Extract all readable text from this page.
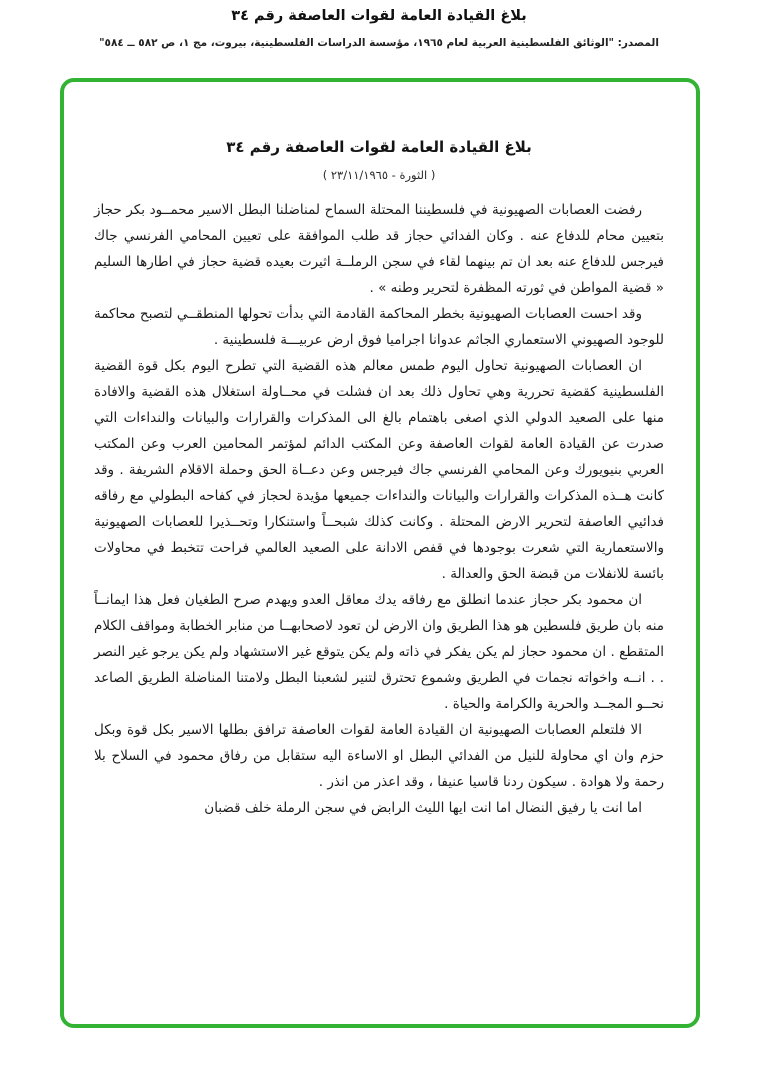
بلاغ القيادة العامة لقوات العاصفة رقم ٣٤
المصدر: "الوثائق الفلسطينية العربية لعام ١٩٦٥، مؤسسة الدراسات الفلسطينية، بيروت، مج ١، ص ٥٨٢ ــ ٥٨٤"
بلاغ القيادة العامة لقوات العاصفة رقم ٣٤
( الثورة - ٢٣/١١/١٩٦٥ )

رفضت العصابات الصهيونية في فلسطيننا المحتلة السماح لمناضلنا البطل الاسير محمــود بكر حجاز بتعيين محام للدفاع عنه . وكان الفدائي حجاز قد طلب الموافقة على تعيين المحامي الفرنسي جاك فيرجس للدفاع عنه بعد ان تم بينهما لقاء في سجن الرملــة اثيرت بعيده قضية حجاز في اطارها السليم « قضية المواطن في ثورته المظفرة لتحرير وطنه » .

وقد احست العصابات الصهيونية بخطر المحاكمة القادمة التي بدأت تحولها المنطقــي لتصبح محاكمة للوجود الصهيوني الاستعماري الجاثم عدوانا اجراميا فوق ارض عربيـــة فلسطينية .

ان العصابات الصهيونية تحاول اليوم طمس معالم هذه القضية التي تطرح اليوم بكل قوة القضية الفلسطينية كقضية تحررية وهي تحاول ذلك بعد ان فشلت في محــاولة استغلال هذه القضية والافادة منها على الصعيد الدولي الذي اصغى باهتمام بالغ الى المذكرات والقرارات والبيانات والنداءات التي صدرت عن القيادة العامة لقوات العاصفة وعن المكتب الدائم لمؤتمر المحامين العرب وعن المكتب العربي بنيويورك وعن المحامي الفرنسي جاك فيرجس وعن دعــاة الحق وحملة الاقلام الشريفة . وقد كانت هــذه المذكرات والقرارات والبيانات والنداءات جميعها مؤيدة لحجاز في كفاحه البطولي مع رفاقه فدائيي العاصفة لتحرير الارض المحتلة . وكانت كذلك شبحــاً واستنكارا وتحــذيرا للعصابات الصهيونية والاستعمارية التي شعرت بوجودها في قفص الادانة على الصعيد العالمي فراحت تتخبط في محاولات بائسة للانفلات من قبضة الحق والعدالة .

ان محمود بكر حجاز عندما انطلق مع رفاقه يدك معاقل العدو ويهدم صرح الطغيان فعل هذا ايمانــاً منه بان طريق فلسطين هو هذا الطريق وان الارض لن تعود لاصحابهــا من منابر الخطابة ومواقف الكلام المتقطع . ان محمود حجاز لم يكن يفكر في ذاته ولم يكن يتوقع غير الاستشهاد ولم يكن يرجو غير النصر . . انــه واخواته نجمات في الطريق وشموع تحترق لتنير لشعبنا البطل ولامتنا المناضلة الطريق الصاعد نحــو المجــد والحرية والكرامة والحياة .

الا فلتعلم العصابات الصهيونية ان القيادة العامة لقوات العاصفة ترافق بطلها الاسير بكل قوة وبكل حزم وان اي محاولة للنيل من الفدائي البطل او الاساءة اليه ستقابل من رفاق محمود في السلاح بلا رحمة ولا هوادة . سيكون ردنا قاسيا عنيفا ، وقد اعذر من انذر .

اما انت يا رفيق النضال اما انت ايها الليث الرابض في سجن الرملة خلف قضبان
